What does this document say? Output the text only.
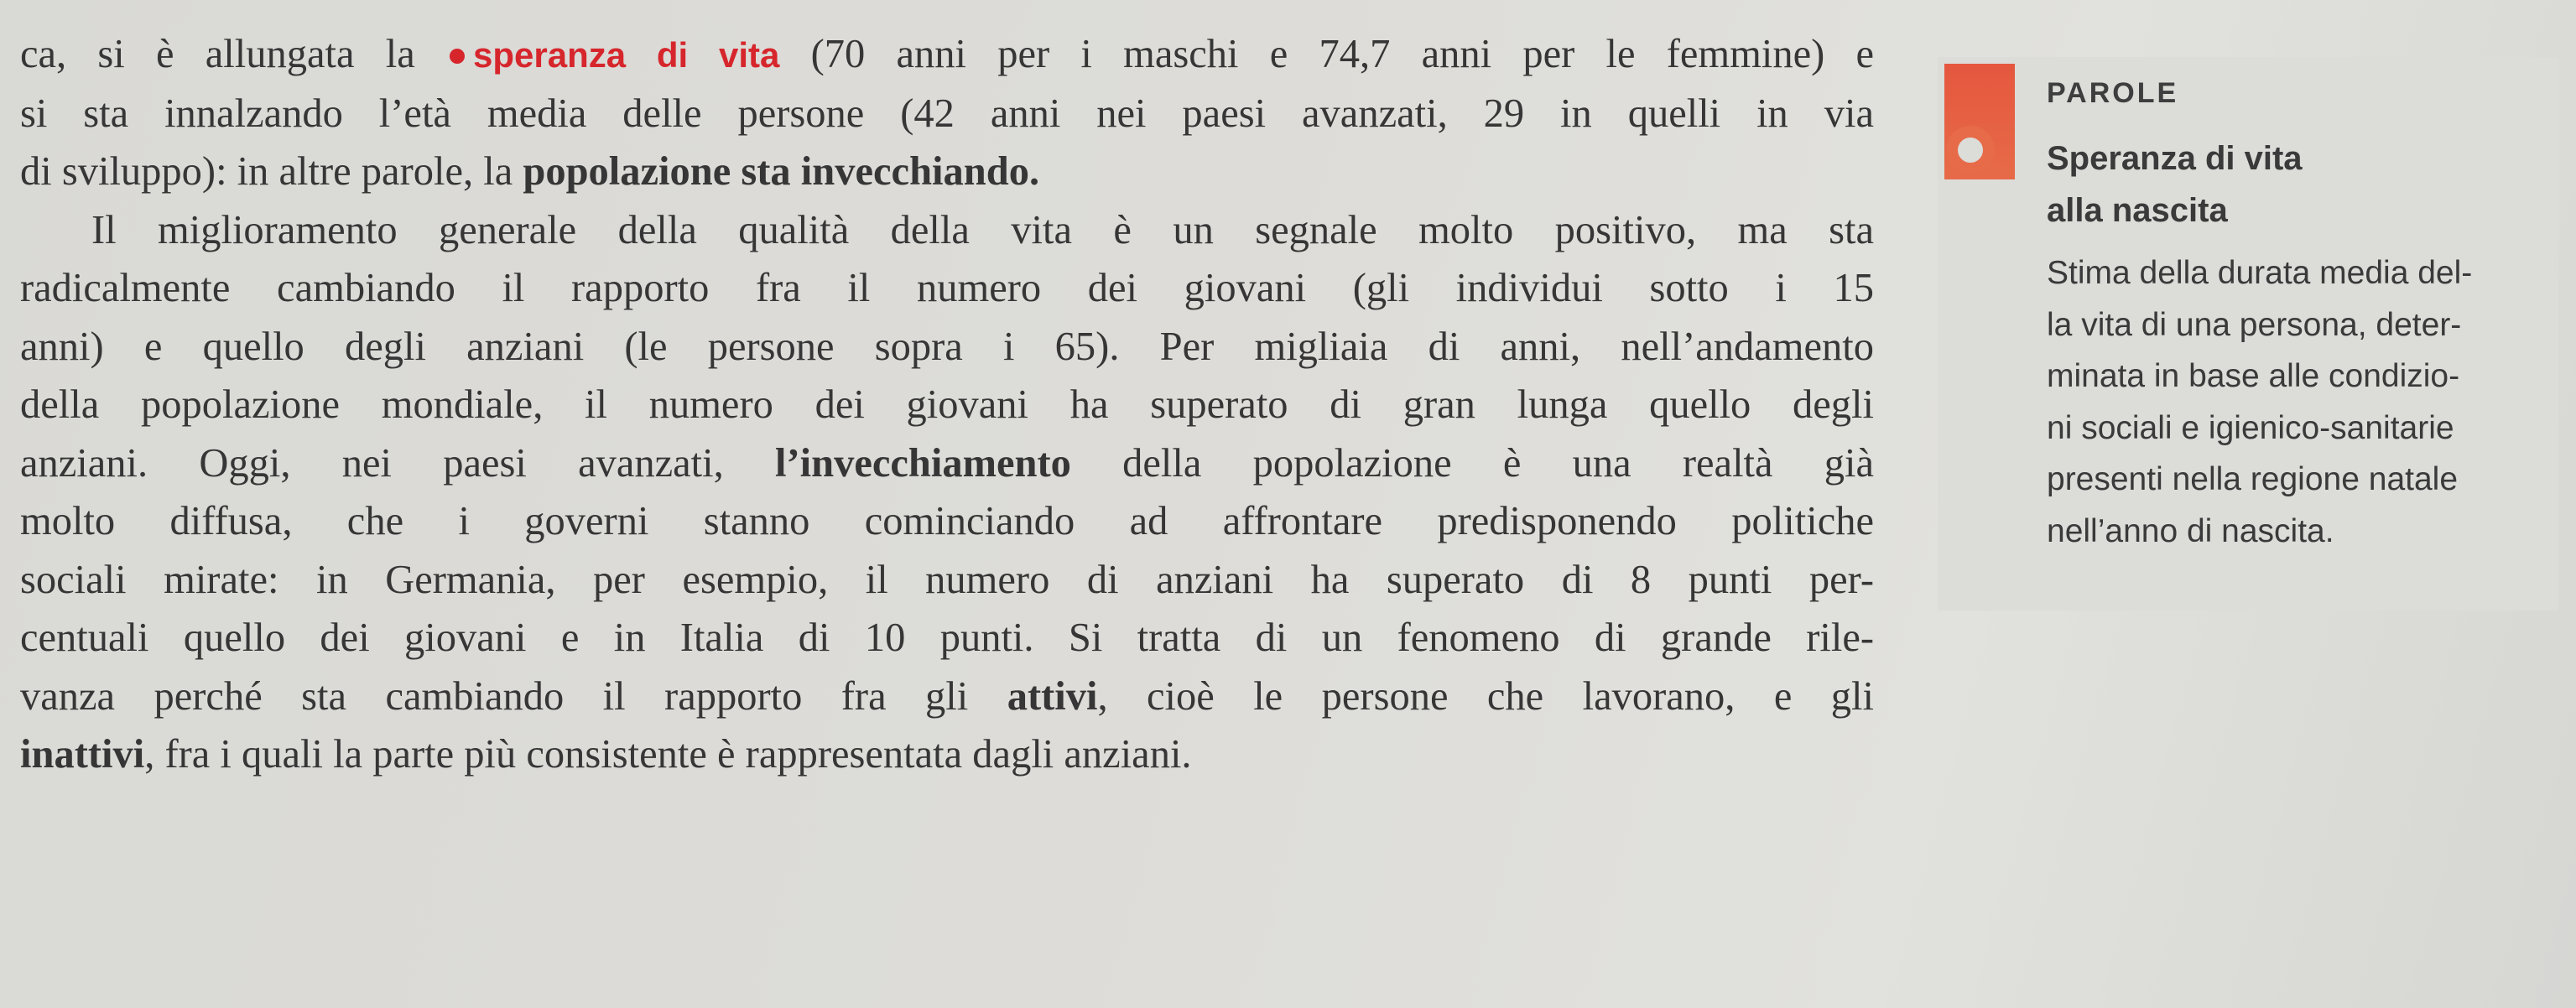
ca, si è allungata la speranza di vita (70 anni per i maschi e 74,7 anni per le femmine) e
si sta innalzando l’età media delle persone (42 anni nei paesi avanzati, 29 in quelli in via
di sviluppo): in altre parole, la popolazione sta invecchiando.

Il miglioramento generale della qualità della vita è un segnale molto positivo, ma sta
radicalmente cambiando il rapporto fra il numero dei giovani (gli individui sotto i 15
anni) e quello degli anziani (le persone sopra i 65). Per migliaia di anni, nell’andamento
della popolazione mondiale, il numero dei giovani ha superato di gran lunga quello degli
anziani. Oggi, nei paesi avanzati, l’invecchiamento della popolazione è una realtà già
molto diffusa, che i governi stanno cominciando ad affrontare predisponendo politiche
sociali mirate: in Germania, per esempio, il numero di anziani ha superato di 8 punti per-
centuali quello dei giovani e in Italia di 10 punti. Si tratta di un fenomeno di grande rile-
vanza perché sta cambiando il rapporto fra gli attivi, cioè le persone che lavorano, e gli
inattivi, fra i quali la parte più consistente è rappresentata dagli anziani.

PAROLE
Speranza di vita
alla nascita
Stima della durata media del-
la vita di una persona, deter-
minata in base alle condizio-
ni sociali e igienico-sanitarie
presenti nella regione natale
nell’anno di nascita.
